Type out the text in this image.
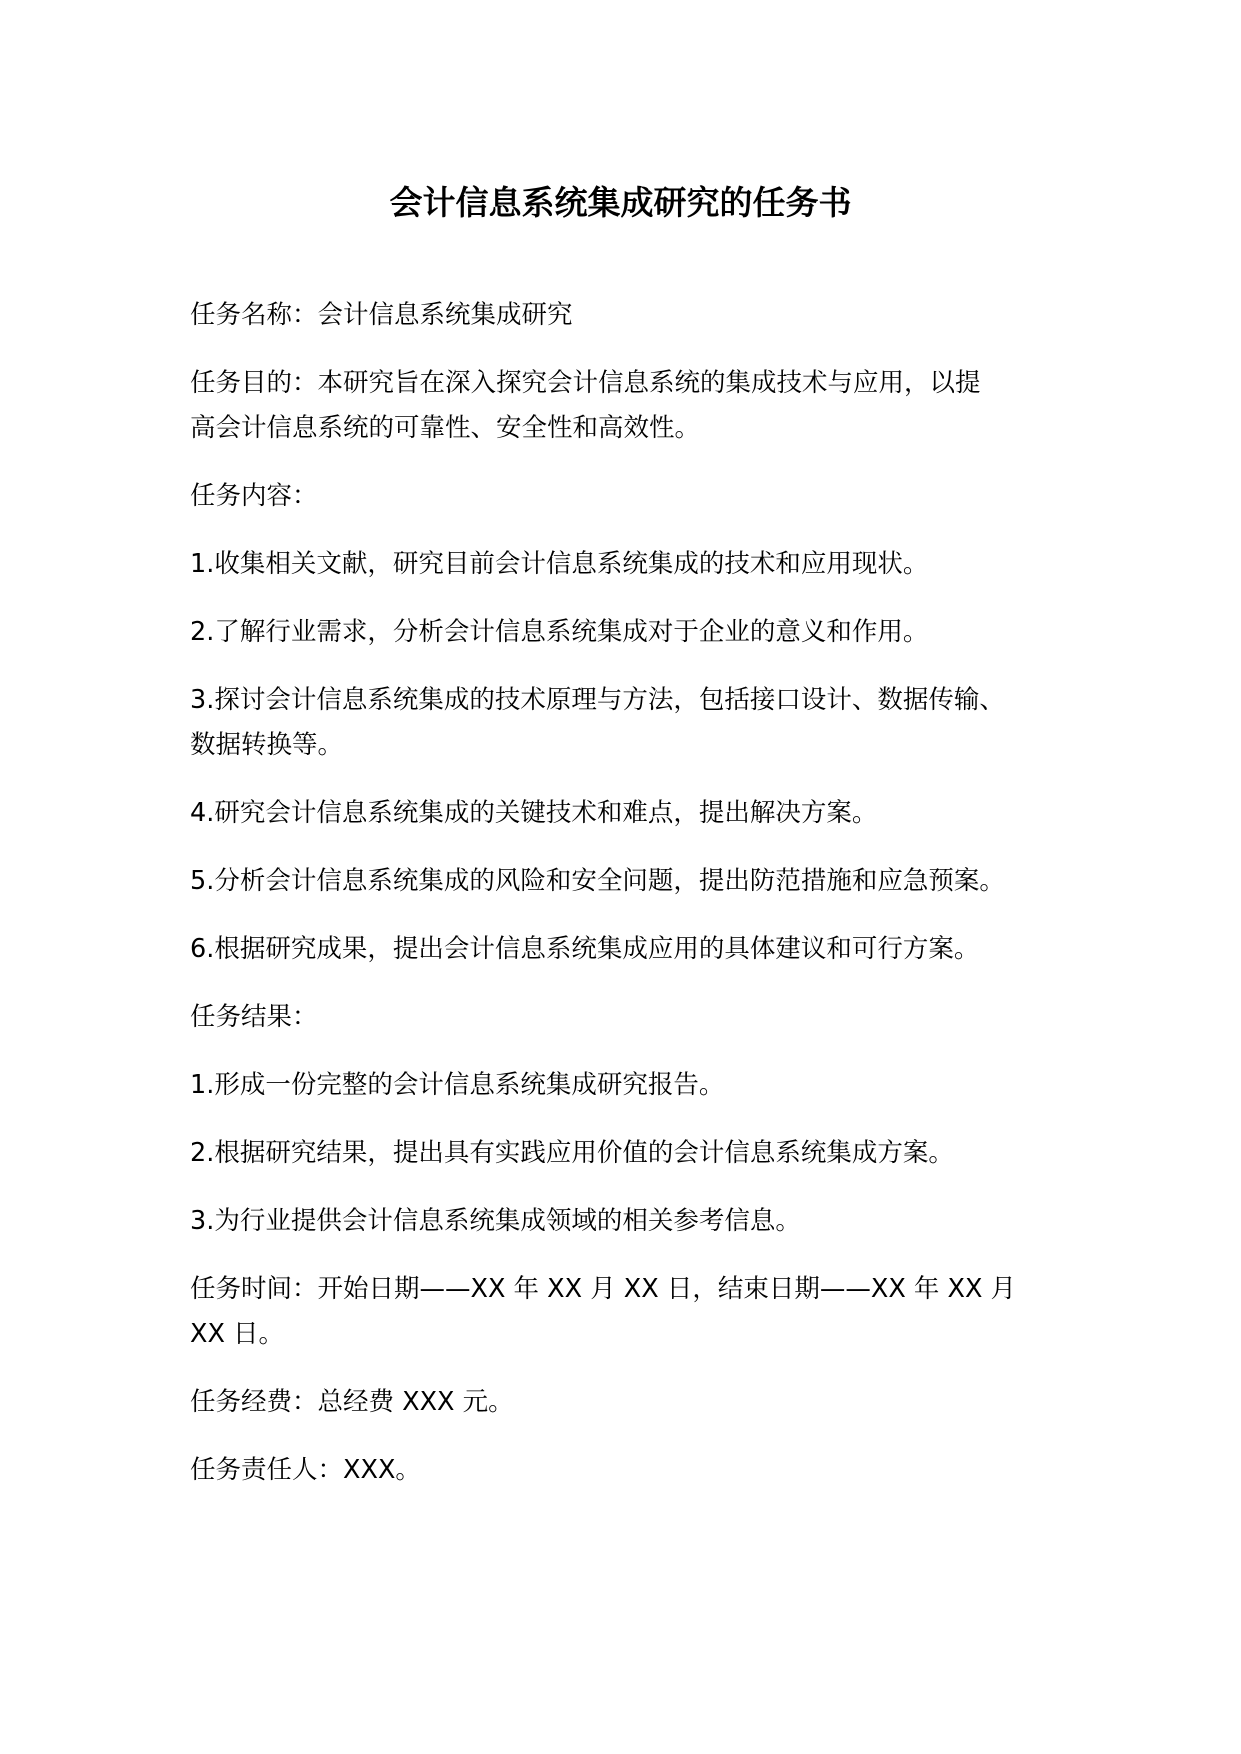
会计信息系统集成研究的任务书

任务名称：会计信息系统集成研究

任务目的：本研究旨在深入探究会计信息系统的集成技术与应用，以提
高会计信息系统的可靠性、安全性和高效性。

任务内容：

1.收集相关文献，研究目前会计信息系统集成的技术和应用现状。

2.了解行业需求，分析会计信息系统集成对于企业的意义和作用。

3.探讨会计信息系统集成的技术原理与方法，包括接口设计、数据传输、
数据转换等。

4.研究会计信息系统集成的关键技术和难点，提出解决方案。

5.分析会计信息系统集成的风险和安全问题，提出防范措施和应急预案。

6.根据研究成果，提出会计信息系统集成应用的具体建议和可行方案。

任务结果：

1.形成一份完整的会计信息系统集成研究报告。

2.根据研究结果，提出具有实践应用价值的会计信息系统集成方案。

3.为行业提供会计信息系统集成领域的相关参考信息。

任务时间：开始日期——XX 年 XX 月 XX 日，结束日期——XX 年 XX 月
XX 日。

任务经费：总经费 XXX 元。

任务责任人：XXX。
